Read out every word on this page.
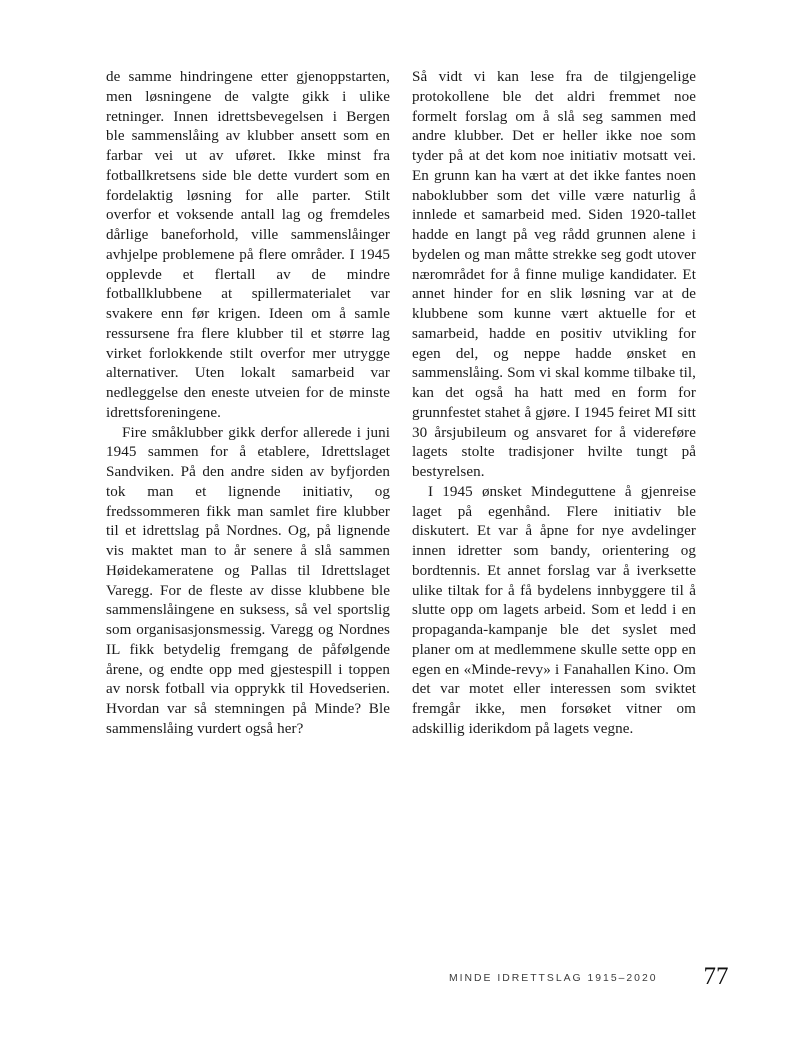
de samme hindringene etter gjenoppstarten, men løsningene de valgte gikk i ulike retninger. Innen idrettsbevegelsen i Bergen ble sammenslåing av klubber ansett som en farbar vei ut av uføret. Ikke minst fra fotballkretsens side ble dette vurdert som en fordelaktig løsning for alle parter. Stilt overfor et voksende antall lag og fremdeles dårlige baneforhold, ville sammenslåinger avhjelpe problemene på flere områder. I 1945 opplevde et flertall av de mindre fotballklubbene at spillermaterialet var svakere enn før krigen. Ideen om å samle ressursene fra flere klubber til et større lag virket forlokkende stilt overfor mer utrygge alternativer. Uten lokalt samarbeid var nedleggelse den eneste utveien for de minste idrettsforeningene.

Fire småklubber gikk derfor allerede i juni 1945 sammen for å etablere, Idrettslaget Sandviken. På den andre siden av byfjorden tok man et lignende initiativ, og fredssommeren fikk man samlet fire klubber til et idrettslag på Nordnes. Og, på lignende vis maktet man to år senere å slå sammen Høidekameratene og Pallas til Idrettslaget Varegg. For de fleste av disse klubbene ble sammenslåingene en suksess, så vel sportslig som organisasjonsmessig. Varegg og Nordnes IL fikk betydelig fremgang de påfølgende årene, og endte opp med gjestespill i toppen av norsk fotball via opprykk til Hovedserien. Hvordan var så stemningen på Minde? Ble sammenslåing vurdert også her?

Så vidt vi kan lese fra de tilgjengelige protokollene ble det aldri fremmet noe formelt forslag om å slå seg sammen med andre klubber. Det er heller ikke noe som tyder på at det kom noe initiativ motsatt vei. En grunn kan ha vært at det ikke fantes noen naboklubber som det ville være naturlig å innlede et samarbeid med. Siden 1920-tallet hadde en langt på veg rådd grunnen alene i bydelen og man måtte strekke seg godt utover nærområdet for å finne mulige kandidater. Et annet hinder for en slik løsning var at de klubbene som kunne vært aktuelle for et samarbeid, hadde en positiv utvikling for egen del, og neppe hadde ønsket en sammenslåing. Som vi skal komme tilbake til, kan det også ha hatt med en form for grunnfestet stahet å gjøre. I 1945 feiret MI sitt 30 årsjubileum og ansvaret for å videreføre lagets stolte tradisjoner hvilte tungt på bestyrelsen.

I 1945 ønsket Mindeguttene å gjenreise laget på egenhånd. Flere initiativ ble diskutert. Et var å åpne for nye avdelinger innen idretter som bandy, orientering og bordtennis. Et annet forslag var å iverksette ulike tiltak for å få bydelens innbyggere til å slutte opp om lagets arbeid. Som et ledd i en propaganda-kampanje ble det syslet med planer om at medlemmene skulle sette opp en egen en «Minde-revy» i Fanahallen Kino. Om det var motet eller interessen som sviktet fremgår ikke, men forsøket vitner om adskillig iderikdom på lagets vegne.

MINDE IDRETTSLAG 1915–2020 77
